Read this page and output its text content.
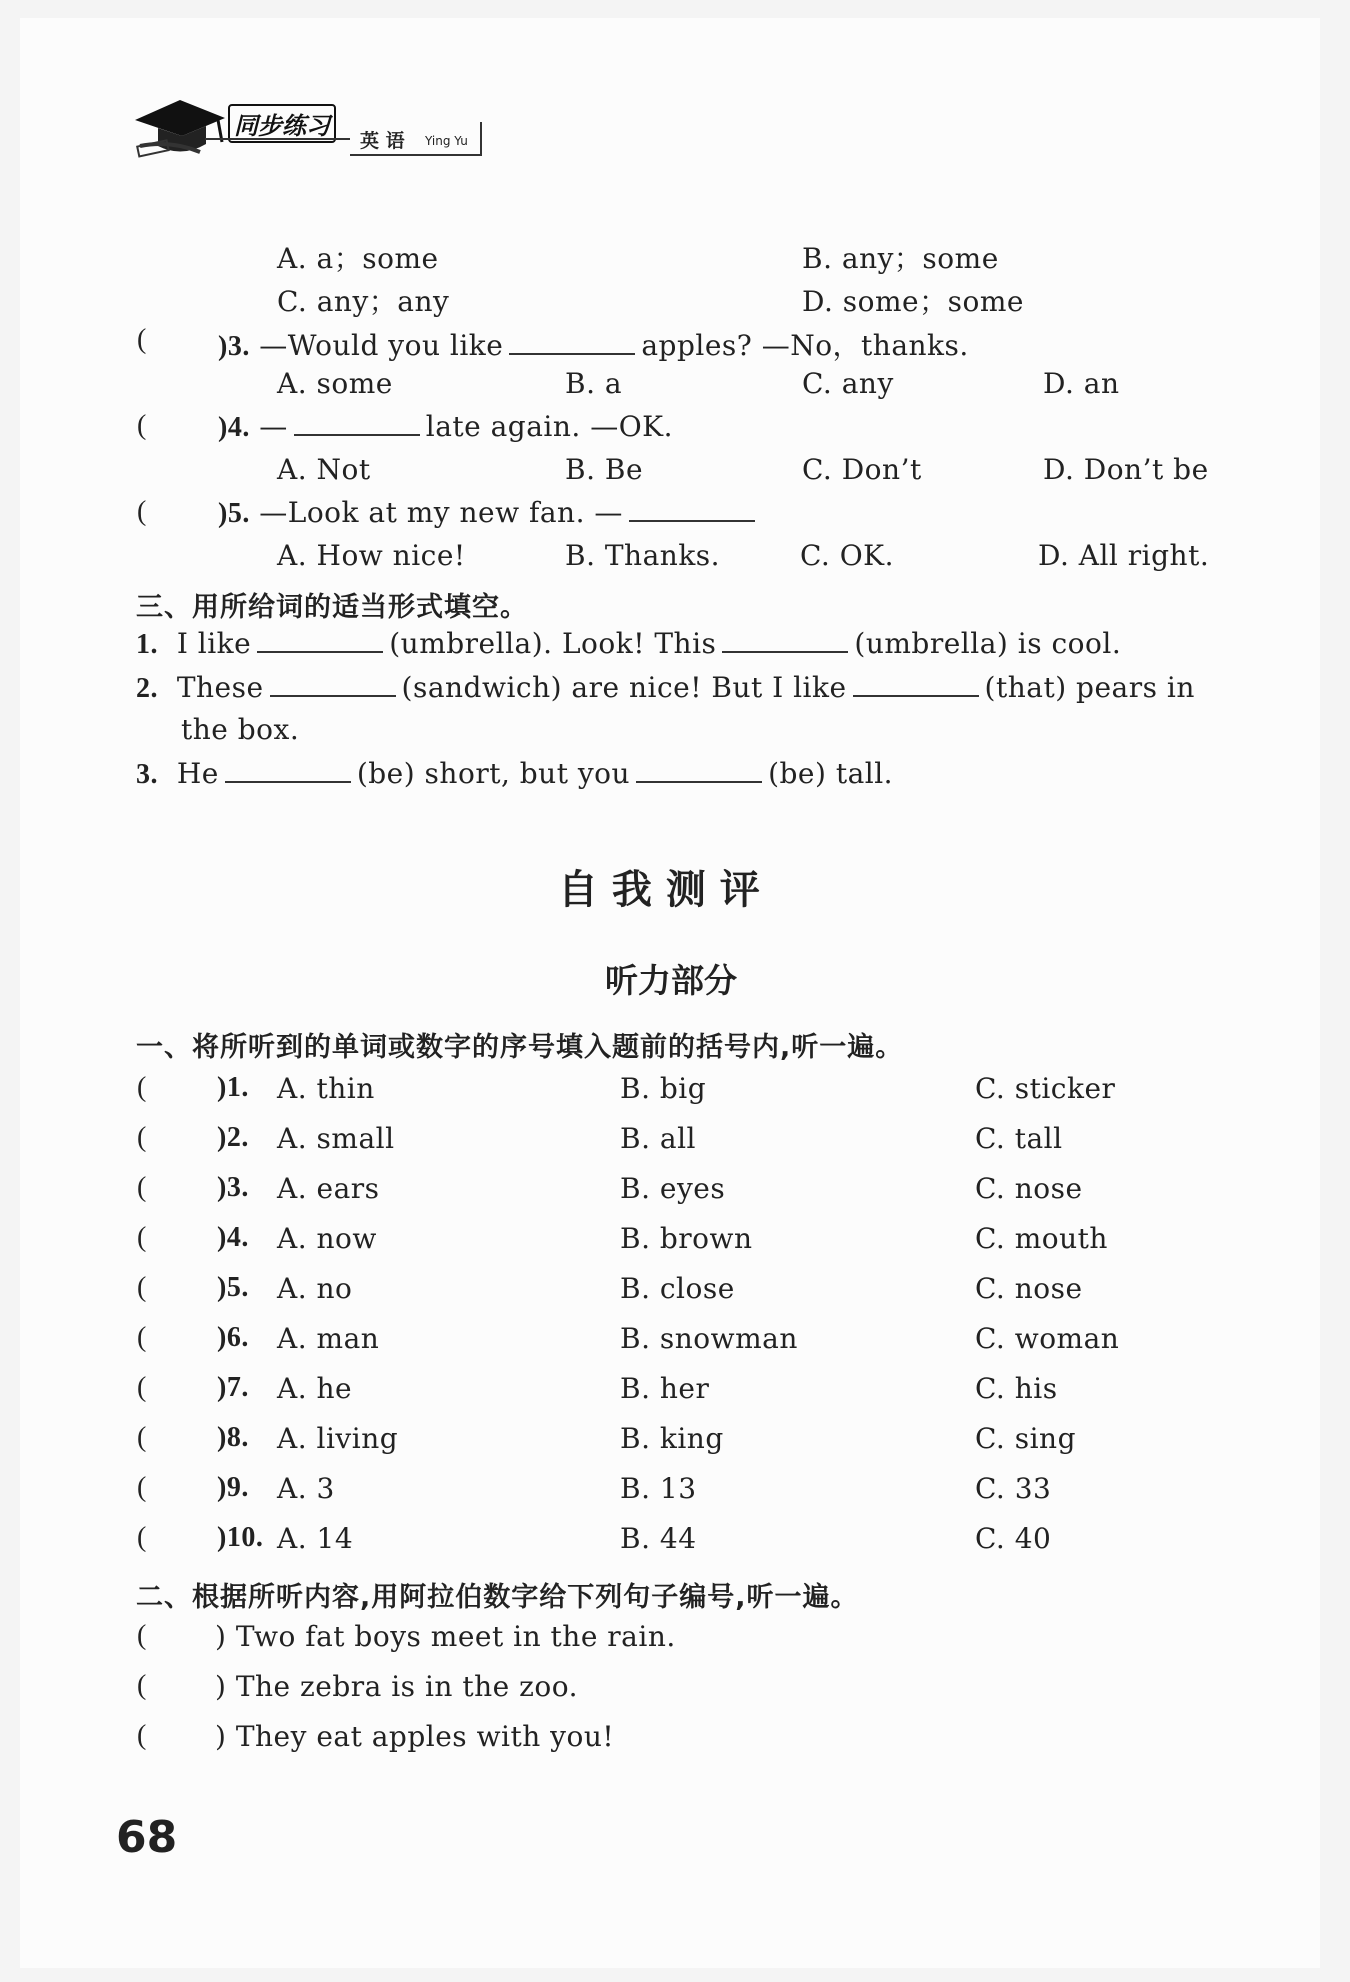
同步练习
英 语 Ying Yu
A. a；some	B. any；some
C. any；any	D. some；some
(	)3. —Would you like	apples? —No，thanks.
A. some	B. a	C. any	D. an
(	)4. —	late again. —OK.
A. Not	B. Be	C. Don’t	D. Don’t be
(	)5. —Look at my new fan. —
A. How nice!	B. Thanks.	C. OK.	D. All right.
三、用所给词的适当形式填空。
1. I like	(umbrella). Look! This	(umbrella) is cool.
2. These	(sandwich) are nice! But I like	(that) pears in
the box.
3. He	(be) short, but you	(be) tall.
自 我 测 评
听力部分
一、将所听到的单词或数字的序号填入题前的括号内,听一遍。
(	)1. A. thin	B. big	C. sticker
(	)2. A. small	B. all	C. tall
(	)3. A. ears	B. eyes	C. nose
(	)4. A. now	B. brown	C. mouth
(	)5. A. no	B. close	C. nose
(	)6. A. man	B. snowman	C. woman
(	)7. A. he	B. her	C. his
(	)8. A. living	B. king	C. sing
(	)9. A. 3	B. 13	C. 33
(	)10. A. 14	B. 44	C. 40
二、根据所听内容,用阿拉伯数字给下列句子编号,听一遍。
( ) Two fat boys meet in the rain.
( ) The zebra is in the zoo.
( ) They eat apples with you!
68
